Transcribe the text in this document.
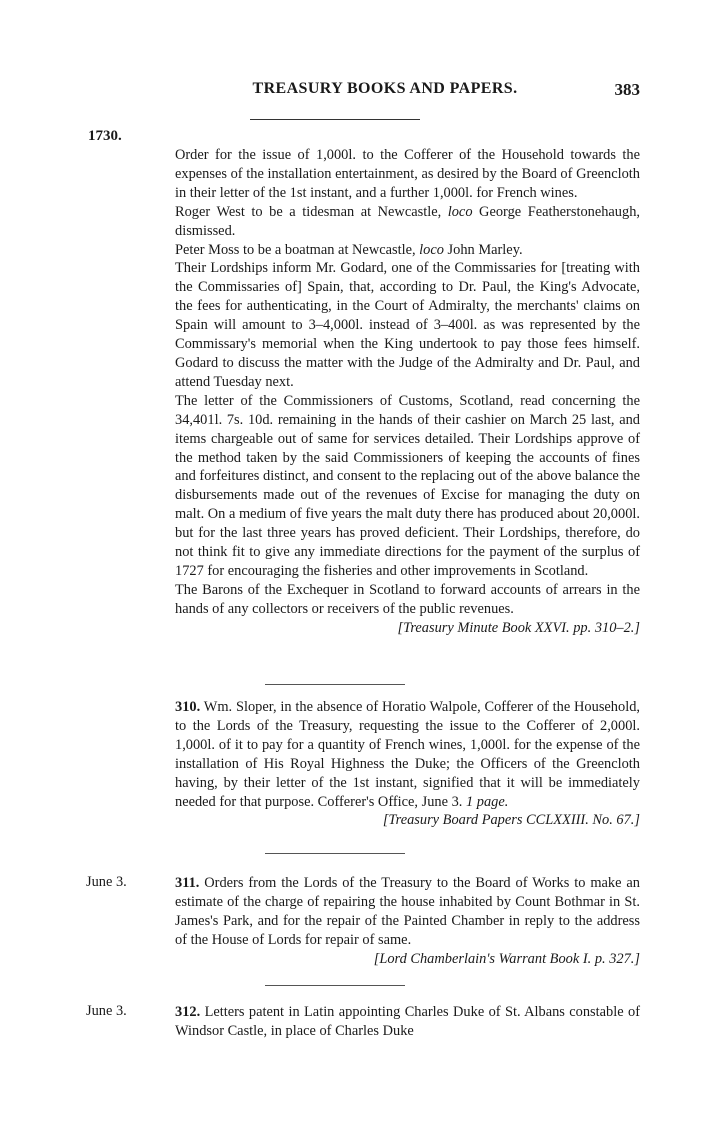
TREASURY BOOKS AND PAPERS.	383
1730.

Order for the issue of 1,000l. to the Cofferer of the Household towards the expenses of the installation entertainment, as desired by the Board of Greencloth in their letter of the 1st instant, and a further 1,000l. for French wines.

Roger West to be a tidesman at Newcastle, loco George Featherstonehaugh, dismissed.

Peter Moss to be a boatman at Newcastle, loco John Marley.

Their Lordships inform Mr. Godard, one of the Commissaries for [treating with the Commissaries of] Spain, that, according to Dr. Paul, the King's Advocate, the fees for authenticating, in the Court of Admiralty, the merchants' claims on Spain will amount to 3–4,000l. instead of 3–400l. as was represented by the Commissary's memorial when the King undertook to pay those fees himself. Godard to discuss the matter with the Judge of the Admiralty and Dr. Paul, and attend Tuesday next.

The letter of the Commissioners of Customs, Scotland, read concerning the 34,401l. 7s. 10d. remaining in the hands of their cashier on March 25 last, and items chargeable out of same for services detailed. Their Lordships approve of the method taken by the said Commissioners of keeping the accounts of fines and forfeitures distinct, and consent to the replacing out of the above balance the disbursements made out of the revenues of Excise for managing the duty on malt. On a medium of five years the malt duty there has produced about 20,000l. but for the last three years has proved deficient. Their Lordships, therefore, do not think fit to give any immediate directions for the payment of the surplus of 1727 for encouraging the fisheries and other improvements in Scotland.

The Barons of the Exchequer in Scotland to forward accounts of arrears in the hands of any collectors or receivers of the public revenues.

[Treasury Minute Book XXVI. pp. 310–2.]

310. Wm. Sloper, in the absence of Horatio Walpole, Cofferer of the Household, to the Lords of the Treasury, requesting the issue to the Cofferer of 2,000l. 1,000l. of it to pay for a quantity of French wines, 1,000l. for the expense of the installation of His Royal Highness the Duke; the Officers of the Greencloth having, by their letter of the 1st instant, signified that it will be immediately needed for that purpose. Cofferer's Office, June 3. 1 page.

[Treasury Board Papers CCLXXIII. No. 67.]

June 3.	311. Orders from the Lords of the Treasury to the Board of Works to make an estimate of the charge of repairing the house inhabited by Count Bothmar in St. James's Park, and for the repair of the Painted Chamber in reply to the address of the House of Lords for repair of same.

[Lord Chamberlain's Warrant Book I. p. 327.]

June 3.	312. Letters patent in Latin appointing Charles Duke of St. Albans constable of Windsor Castle, in place of Charles Duke
